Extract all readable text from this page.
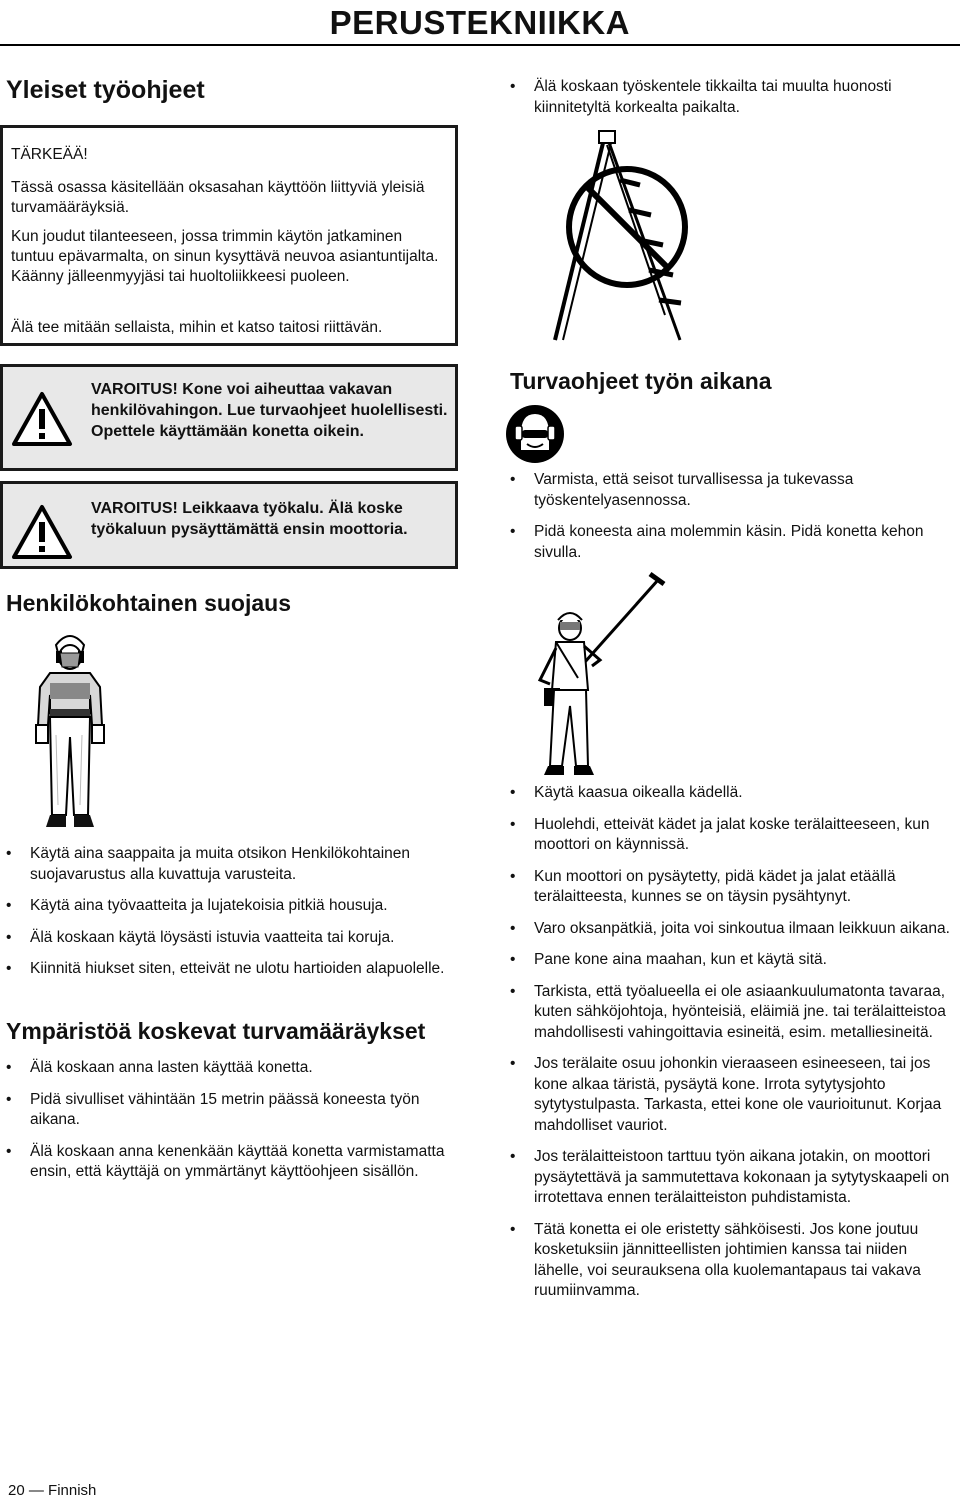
PERUSTEKNIIKKA
Yleiset työohjeet

TÄRKEÄÄ!

Tässä osassa käsitellään oksasahan käyttöön liittyviä yleisiä turvamääräyksiä.

Kun joudut tilanteeseen, jossa trimmin käytön jatkaminen tuntuu epävarmalta, on sinun kysyttävä neuvoa asiantuntijalta. Käänny jälleenmyyjäsi tai huoltoliikkeesi puoleen.

Älä tee mitään sellaista, mihin et katso taitosi riittävän.

VAROITUS! Kone voi aiheuttaa vakavan henkilövahingon. Lue turvaohjeet huolellisesti. Opettele käyttämään konetta oikein.
VAROITUS! Leikkaava työkalu. Älä koske työkaluun pysäyttämättä ensin moottoria.
Henkilökohtainen suojaus
• Käytä aina saappaita ja muita otsikon Henkilökohtainen suojavarustus alla kuvattuja varusteita.
• Käytä aina työvaatteita ja lujatekoisia pitkiä housuja.
• Älä koskaan käytä löysästi istuvia vaatteita tai koruja.
• Kiinnitä hiukset siten, etteivät ne ulotu hartioiden alapuolelle.
Ympäristöä koskevat turvamääräykset
• Älä koskaan anna lasten käyttää konetta.
• Pidä sivulliset vähintään 15 metrin päässä koneesta työn aikana.
• Älä koskaan anna kenenkään käyttää konetta varmistamatta ensin, että käyttäjä on ymmärtänyt käyttöohjeen sisällön.
• Älä koskaan työskentele tikkailta tai muulta huonosti kiinnitetyltä korkealta paikalta.
Turvaohjeet työn aikana
• Varmista, että seisot turvallisessa ja tukevassa työskentelyasennossa.
• Pidä koneesta aina molemmin käsin. Pidä konetta kehon sivulla.
• Käytä kaasua oikealla kädellä.
• Huolehdi, etteivät kädet ja jalat koske terälaitteeseen, kun moottori on käynnissä.
• Kun moottori on pysäytetty, pidä kädet ja jalat etäällä terälaitteesta, kunnes se on täysin pysähtynyt.
• Varo oksanpätkiä, joita voi sinkoutua ilmaan leikkuun aikana.
• Pane kone aina maahan, kun et käytä sitä.
• Tarkista, että työalueella ei ole asiaankuulumatonta tavaraa, kuten sähköjohtoja, hyönteisiä, eläimiä jne. tai terälaitteistoa mahdollisesti vahingoittavia esineitä, esim. metalliesineitä.
• Jos terälaite osuu johonkin vieraaseen esineeseen, tai jos kone alkaa täristä, pysäytä kone. Irrota sytytysjohto sytytystulpasta. Tarkasta, ettei kone ole vaurioitunut. Korjaa mahdolliset vauriot.
• Jos terälaitteistoon tarttuu työn aikana jotakin, on moottori pysäytettävä ja sammutettava kokonaan ja sytytyskaapeli on irrotettava ennen terälaitteiston puhdistamista.
• Tätä konetta ei ole eristetty sähköisesti. Jos kone joutuu kosketuksiin jännitteellisten johtimien kanssa tai niiden lähelle, voi seurauksena olla kuolemantapaus tai vakava ruumiinvamma.
20 — Finnish
